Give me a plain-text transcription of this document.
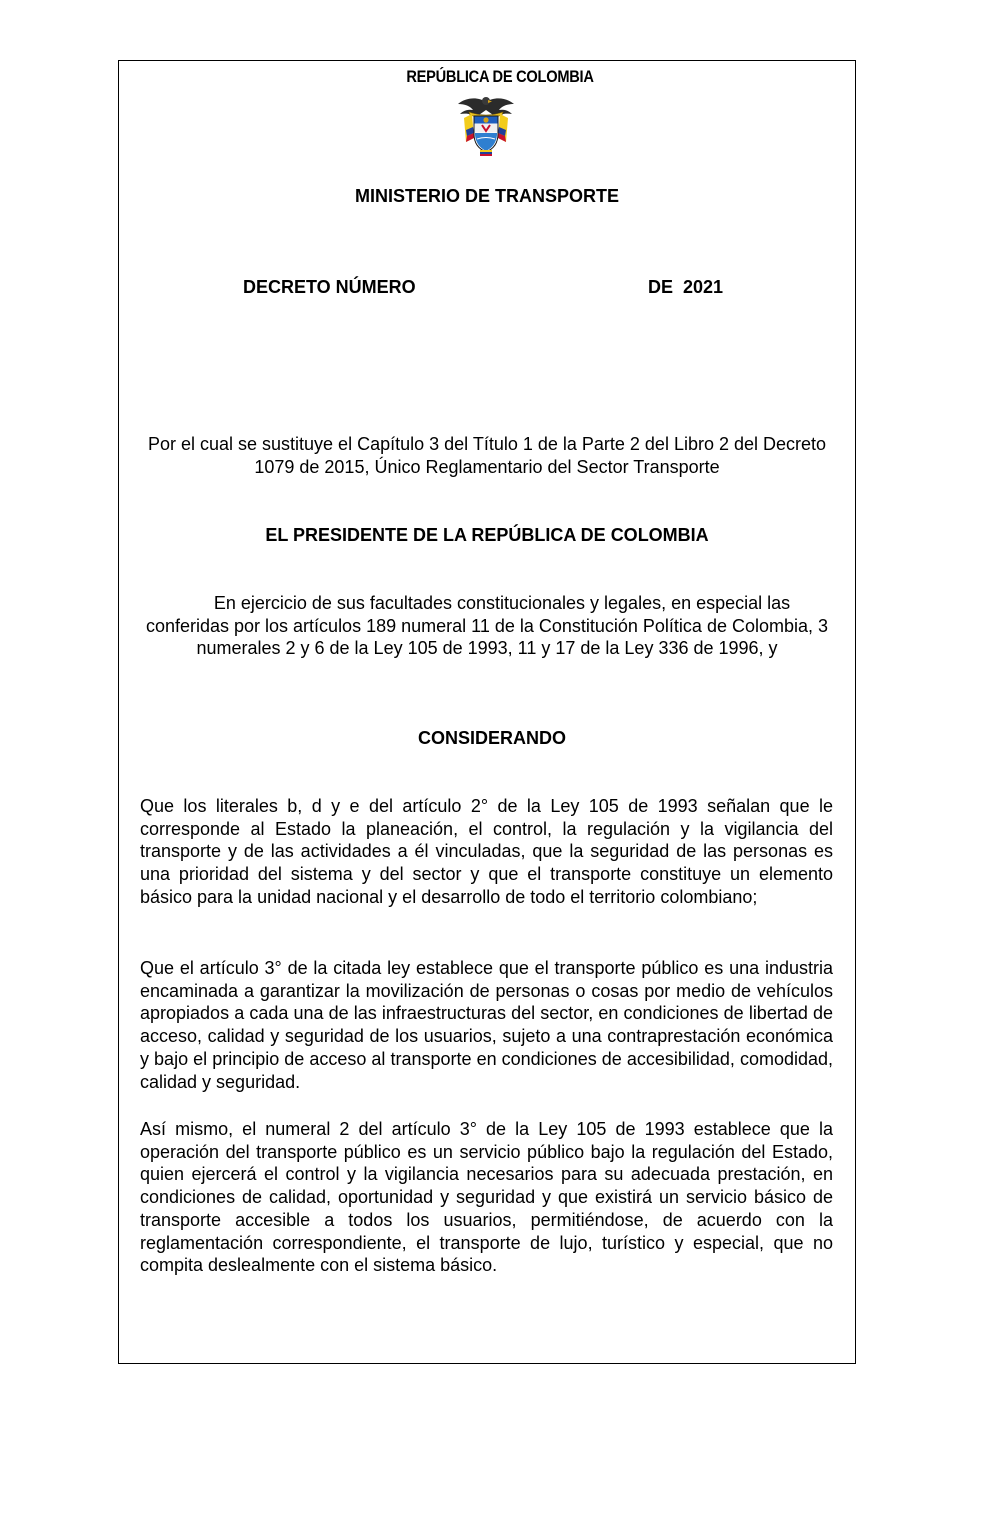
REPÚBLICA DE COLOMBIA
MINISTERIO DE TRANSPORTE
DECRETO NÚMERO	DE  2021
Por el cual se sustituye el Capítulo 3 del Título 1 de la Parte 2 del Libro 2 del Decreto 1079 de 2015, Único Reglamentario del Sector Transporte
EL PRESIDENTE DE LA REPÚBLICA DE COLOMBIA
En ejercicio de sus facultades constitucionales y legales, en especial las conferidas por los artículos 189 numeral 11 de la Constitución Política de Colombia, 3 numerales 2 y 6 de la Ley 105 de 1993, 11 y 17 de la Ley 336 de 1996, y
CONSIDERANDO
Que los literales b, d y e del artículo 2° de la Ley 105 de 1993 señalan que le corresponde al Estado la planeación, el control, la regulación y la vigilancia del transporte y de las actividades a él vinculadas, que la seguridad de las personas es una prioridad del sistema y del sector y que el transporte constituye un elemento básico para la unidad nacional y el desarrollo de todo el territorio colombiano;
Que el artículo 3° de la citada ley establece que el transporte público es una industria encaminada a garantizar la movilización de personas o cosas por medio de vehículos apropiados a cada una de las infraestructuras del sector, en condiciones de libertad de acceso, calidad y seguridad de los usuarios, sujeto a una contraprestación económica y bajo el principio de acceso al transporte en condiciones de accesibilidad, comodidad, calidad y seguridad.
Así mismo, el numeral 2 del artículo 3° de la Ley 105 de 1993 establece que la operación del transporte público es un servicio público bajo la regulación del Estado, quien ejercerá el control y la vigilancia necesarios para su adecuada prestación, en condiciones de calidad, oportunidad y seguridad y que existirá un servicio básico de transporte accesible a todos los usuarios, permitiéndose, de acuerdo con la reglamentación correspondiente, el transporte de lujo, turístico y especial, que no compita deslealmente con el sistema básico.
